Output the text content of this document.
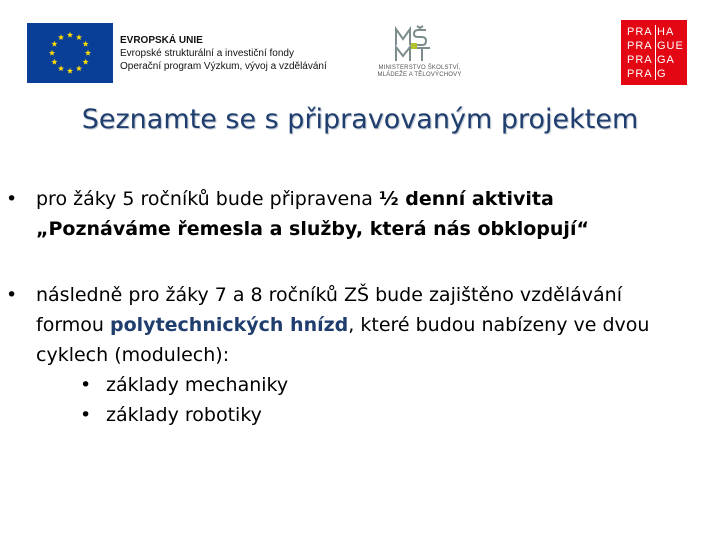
EVROPSKÁ UNIE
Evropské strukturální a investiční fondy
Operační program Výzkum, vývoj a vzdělávání	MINISTERSTVO ŠKOLSTVÍ,
MLÁDEŽE A TĚLOVÝCHOVY
PRA HA
PRA GUE
PRA GA
PRA G
Seznamte se s připravovaným projektem
• pro žáky 5 ročníků bude připravena ½ denní aktivita „Poznáváme řemesla a služby, která nás obklopují“
• následně pro žáky 7 a 8 ročníků ZŠ bude zajištěno vzdělávání formou polytechnických hnízd, které budou nabízeny ve dvou cyklech (modulech):
• základy mechaniky
• základy robotiky
